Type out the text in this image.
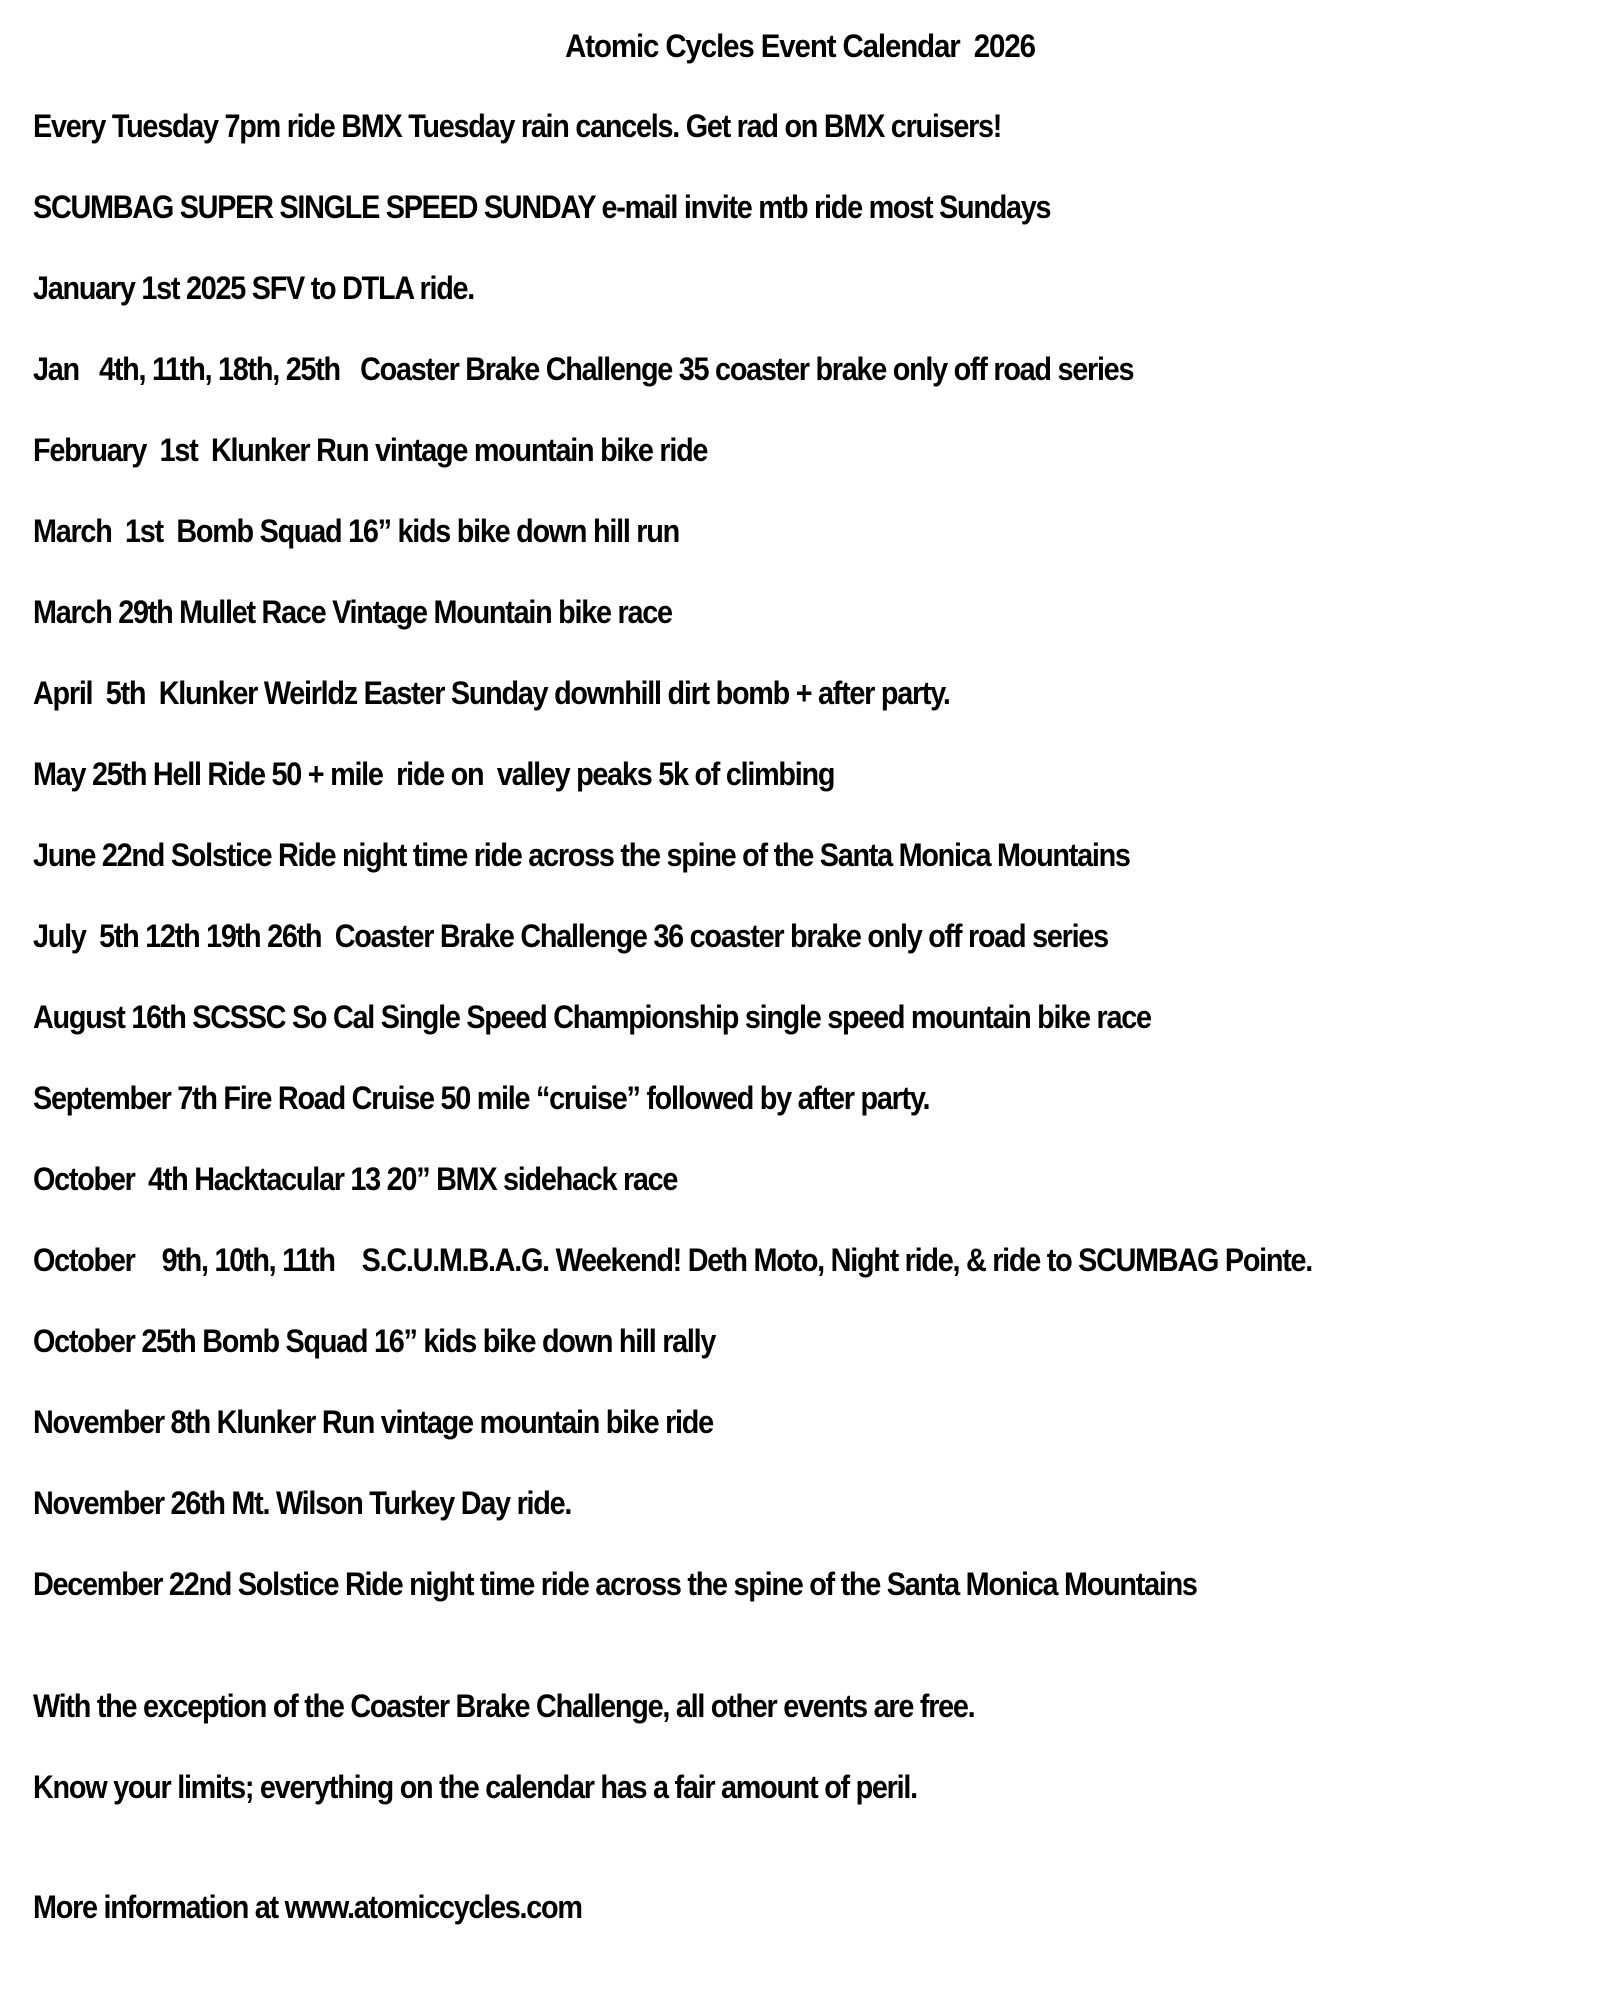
Atomic Cycles Event Calendar  2026
Every Tuesday 7pm ride BMX Tuesday rain cancels. Get rad on BMX cruisers!
SCUMBAG SUPER SINGLE SPEED SUNDAY e-mail invite mtb ride most Sundays
January 1st 2025 SFV to DTLA ride.
Jan   4th, 11th, 18th, 25th   Coaster Brake Challenge 35 coaster brake only off road series
February  1st  Klunker Run vintage mountain bike ride
March  1st  Bomb Squad 16” kids bike down hill run
March 29th Mullet Race Vintage Mountain bike race
April  5th  Klunker Weirldz Easter Sunday downhill dirt bomb + after party.
May 25th Hell Ride 50 + mile  ride on  valley peaks 5k of climbing
June 22nd Solstice Ride night time ride across the spine of the Santa Monica Mountains
July  5th 12th 19th 26th  Coaster Brake Challenge 36 coaster brake only off road series
August 16th SCSSC So Cal Single Speed Championship single speed mountain bike race
September 7th Fire Road Cruise 50 mile “cruise” followed by after party.
October  4th Hacktacular 13 20” BMX sidehack race
October    9th, 10th, 11th    S.C.U.M.B.A.G. Weekend! Deth Moto, Night ride, & ride to SCUMBAG Pointe.
October 25th Bomb Squad 16” kids bike down hill rally
November 8th Klunker Run vintage mountain bike ride
November 26th Mt. Wilson Turkey Day ride.
December 22nd Solstice Ride night time ride across the spine of the Santa Monica Mountains
With the exception of the Coaster Brake Challenge, all other events are free.
Know your limits; everything on the calendar has a fair amount of peril.
More information at www.atomiccycles.com
